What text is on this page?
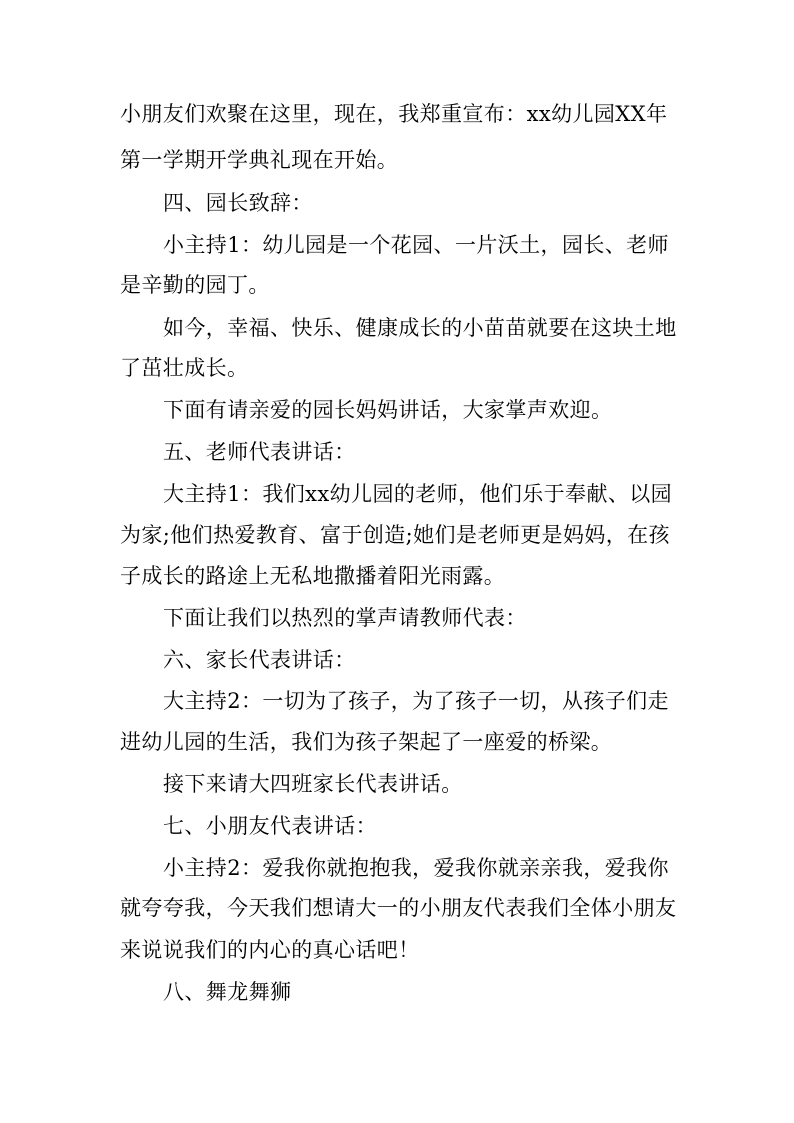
小朋友们欢聚在这里，现在，我郑重宣布：xx幼儿园XX年
第一学期开学典礼现在开始。
四、园长致辞：
小主持1：幼儿园是一个花园、一片沃土，园长、老师
是辛勤的园丁。
如今，幸福、快乐、健康成长的小苗苗就要在这块土地
了茁壮成长。
下面有请亲爱的园长妈妈讲话，大家掌声欢迎。
五、老师代表讲话：
大主持1：我们xx幼儿园的老师，他们乐于奉献、以园
为家;他们热爱教育、富于创造;她们是老师更是妈妈，在孩
子成长的路途上无私地撒播着阳光雨露。
下面让我们以热烈的掌声请教师代表：
六、家长代表讲话：
大主持2：一切为了孩子，为了孩子一切，从孩子们走
进幼儿园的生活，我们为孩子架起了一座爱的桥梁。
接下来请大四班家长代表讲话。
七、小朋友代表讲话：
小主持2：爱我你就抱抱我，爱我你就亲亲我，爱我你
就夸夸我，今天我们想请大一的小朋友代表我们全体小朋友
来说说我们的内心的真心话吧！
八、舞龙舞狮
